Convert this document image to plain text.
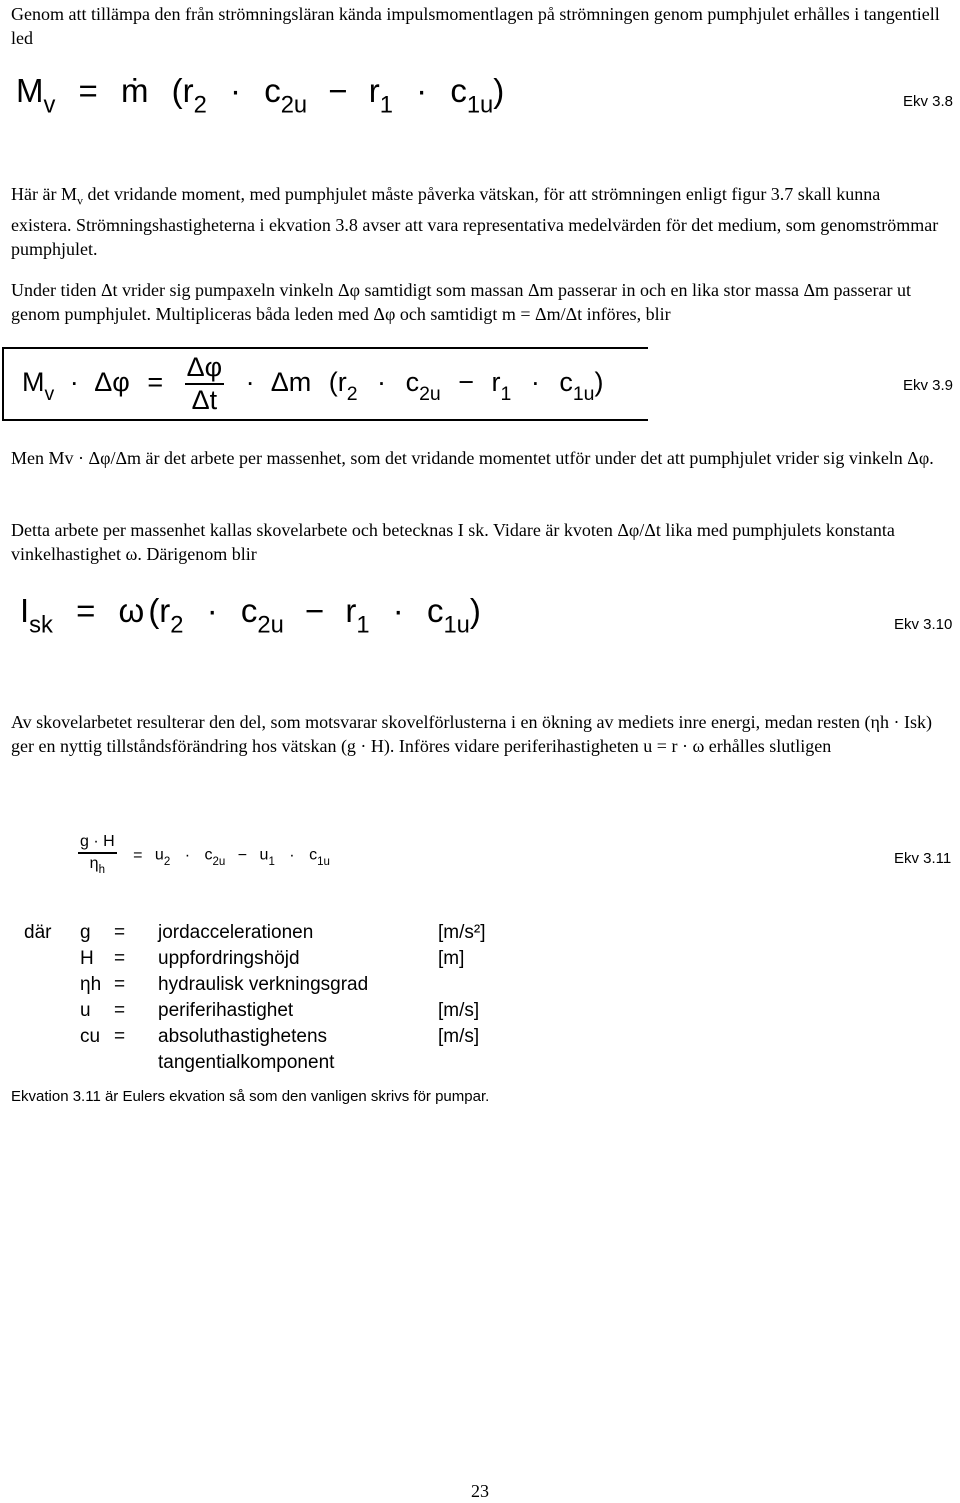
Genom att tillämpa den från strömningsläran kända impulsmomentlagen på strömningen genom pumphjulet erhålles i tangentiell led

$M_v$ = ṁ $(r_2 \cdot c_{2u} - r_1 \cdot c_{1u})$	Ekv 3.8

Här är $M_v$ det vridande moment, med pumphjulet måste påverka vätskan, för att strömningen enligt figur 3.7 skall kunna existera. Strömningshastigheterna i ekvation 3.8 avser att vara representativa medelvärden för det medium, som genomströmmar pumphjulet.

Under tiden Δt vrider sig pumpaxeln vinkeln Δφ samtidigt som massan Δm passerar in och en lika stor massa Δm passerar ut genom pumphjulet. Multipliceras båda leden med Δφ och samtidigt m = Δm/Δt införes, blir

$M_v \cdot \Delta\varphi = \frac{\Delta\varphi}{\Delta t} \cdot \Delta m$ $(r_2 \cdot c_{2u} - r_1 \cdot c_{1u})$	Ekv 3.9

Men Mv · Δφ/Δm är det arbete per massenhet, som det vridande momentet utför under det att pumphjulet vrider sig vinkeln Δφ.

Detta arbete per massenhet kallas skovelarbete och betecknas I sk. Vidare är kvoten Δφ/Δt lika med pumphjulets konstanta vinkelhastighet ω. Därigenom blir

$I_{sk} = \omega$ $(r_2 \cdot c_{2u} - r_1 \cdot c_{1u})$	Ekv 3.10

Av skovelarbetet resulterar den del, som motsvarar skovelförlusterna i en ökning av mediets inre energi, medan resten (ηh · Isk) ger en nyttig tillståndsförändring hos vätskan (g · H). Införes vidare periferihastigheten u = r · ω erhålles slutligen

$\frac{g \cdot H}{\eta_h} = u_2 \cdot c_{2u} - u_1 \cdot c_{1u}$	Ekv 3.11
där	g	=	jordaccelerationen	[m/s²]
	H	=	uppfordringshöjd	[m]
	ηh	=	hydraulisk verkningsgrad	
	u	=	periferihastighet	[m/s]
	cu	=	absoluthastighetens	[m/s]
			tangentialkomponent	

Ekvation 3.11 är Eulers ekvation så som den vanligen skrivs för pumpar.

23
